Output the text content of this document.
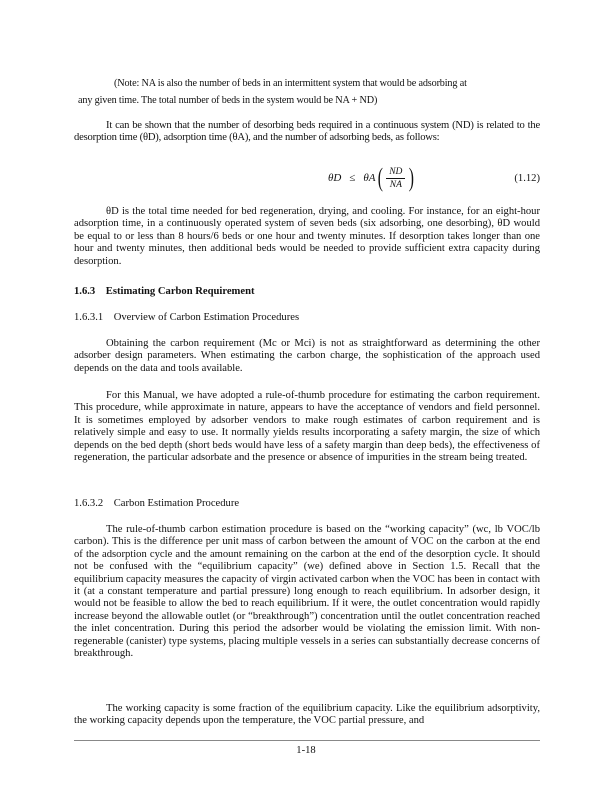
(Note: NA is also the number of beds in an intermittent system that would be adsorbing at
any given time. The total number of beds in the system would be NA + ND)

It can be shown that the number of desorbing beds required in a continuous system (ND) is related to the desorption time (θD), adsorption time (θA), and the number of adsorbing beds, as follows:

θD ≤ θA ( $\frac{ND}{NA}$ )	(1.12)

θD is the total time needed for bed regeneration, drying, and cooling. For instance, for an eight-hour adsorption time, in a continuously operated system of seven beds (six adsorbing, one desorbing), θD would be equal to or less than 8 hours/6 beds or one hour and twenty minutes. If desorption takes longer than one hour and twenty minutes, then additional beds would be needed to provide sufficient extra capacity during desorption.

1.6.3    Estimating Carbon Requirement
1.6.3.1    Overview of Carbon Estimation Procedures

Obtaining the carbon requirement (Mc or Mci) is not as straightforward as determining the other adsorber design parameters. When estimating the carbon charge, the sophistication of the approach used depends on the data and tools available.

For this Manual, we have adopted a rule-of-thumb procedure for estimating the carbon requirement. This procedure, while approximate in nature, appears to have the acceptance of vendors and field personnel. It is sometimes employed by adsorber vendors to make rough estimates of carbon requirement and is relatively simple and easy to use. It normally yields results incorporating a safety margin, the size of which depends on the bed depth (short beds would have less of a safety margin than deep beds), the effectiveness of regeneration, the particular adsorbate and the presence or absence of impurities in the stream being treated.

1.6.3.2    Carbon Estimation Procedure

The rule-of-thumb carbon estimation procedure is based on the “working capacity” (wc, lb VOC/lb carbon). This is the difference per unit mass of carbon between the amount of VOC on the carbon at the end of the adsorption cycle and the amount remaining on the carbon at the end of the desorption cycle. It should not be confused with the “equilibrium capacity” (we) defined above in Section 1.5. Recall that the equilibrium capacity measures the capacity of virgin activated carbon when the VOC has been in contact with it (at a constant temperature and partial pressure) long enough to reach equilibrium. In adsorber design, it would not be feasible to allow the bed to reach equilibrium. If it were, the outlet concentration would rapidly increase beyond the allowable outlet (or “breakthrough”) concentration until the outlet concentration reached the inlet concentration. During this period the adsorber would be violating the emission limit. With non-regenerable (canister) type systems, placing multiple vessels in a series can substantially decrease concerns of breakthrough.

The working capacity is some fraction of the equilibrium capacity. Like the equilibrium adsorptivity, the working capacity depends upon the temperature, the VOC partial pressure, and

1-18
